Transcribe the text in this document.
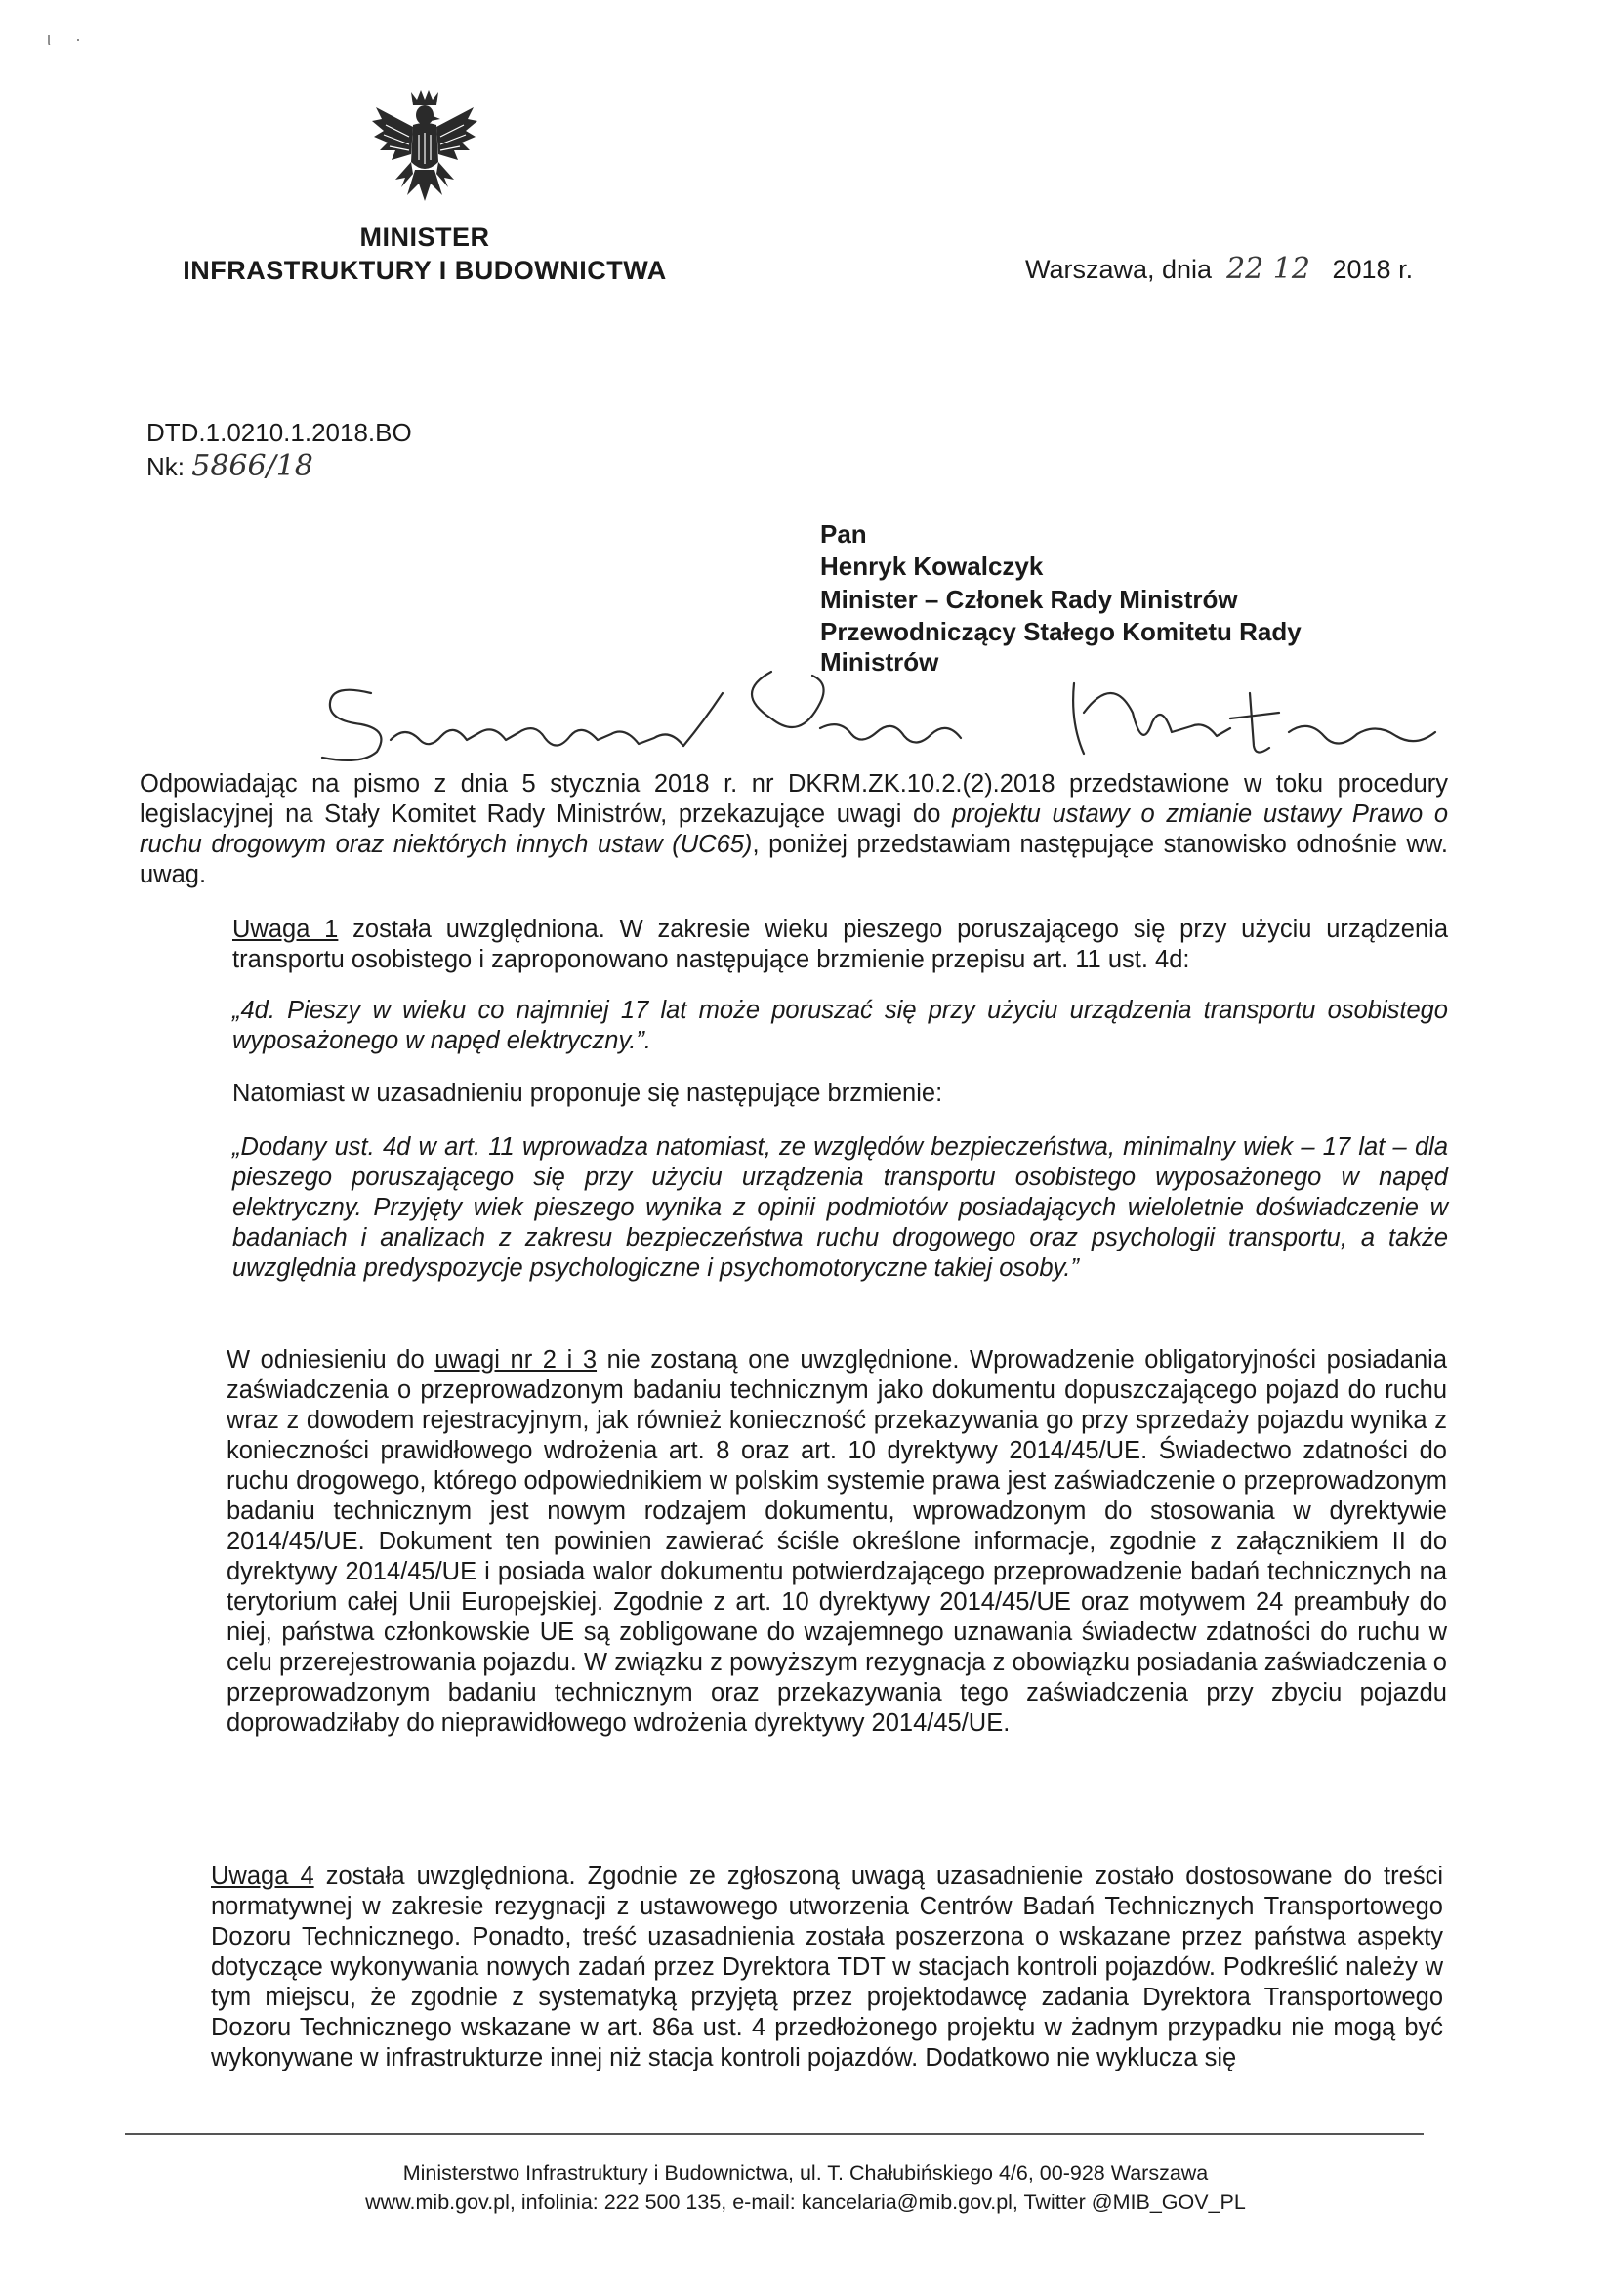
ι     ·
MINISTER
INFRASTRUKTURY I BUDOWNICTWA	Warszawa, dnia 22 12 2018 r.
DTD.1.0210.1.2018.BO
Nk: 5866/18
Pan
Henryk Kowalczyk
Minister – Członek Rady Ministrów
Przewodniczący Stałego Komitetu Rady
Ministrów

Odpowiadając na pismo z dnia 5 stycznia 2018 r. nr DKRM.ZK.10.2.(2).2018 przedstawione w toku procedury legislacyjnej na Stały Komitet Rady Ministrów, przekazujące uwagi do projektu ustawy o zmianie ustawy Prawo o ruchu drogowym oraz niektórych innych ustaw (UC65), poniżej przedstawiam następujące stanowisko odnośnie ww. uwag.

Uwaga 1 została uwzględniona. W zakresie wieku pieszego poruszającego się przy użyciu urządzenia transportu osobistego i zaproponowano następujące brzmienie przepisu art. 11 ust. 4d:

„4d. Pieszy w wieku co najmniej 17 lat może poruszać się przy użyciu urządzenia transportu osobistego wyposażonego w napęd elektryczny.”.

Natomiast w uzasadnieniu proponuje się następujące brzmienie:

„Dodany ust. 4d w art. 11 wprowadza natomiast, ze względów bezpieczeństwa, minimalny wiek – 17 lat – dla pieszego poruszającego się przy użyciu urządzenia transportu osobistego wyposażonego w napęd elektryczny. Przyjęty wiek pieszego wynika z opinii podmiotów posiadających wieloletnie doświadczenie w badaniach i analizach z zakresu bezpieczeństwa ruchu drogowego oraz psychologii transportu, a także uwzględnia predyspozycje psychologiczne i psychomotoryczne takiej osoby.”

W odniesieniu do uwagi nr 2 i 3 nie zostaną one uwzględnione. Wprowadzenie obligatoryjności posiadania zaświadczenia o przeprowadzonym badaniu technicznym jako dokumentu dopuszczającego pojazd do ruchu wraz z dowodem rejestracyjnym, jak również konieczność przekazywania go przy sprzedaży pojazdu wynika z konieczności prawidłowego wdrożenia art. 8 oraz art. 10 dyrektywy 2014/45/UE. Świadectwo zdatności do ruchu drogowego, którego odpowiednikiem w polskim systemie prawa jest zaświadczenie o przeprowadzonym badaniu technicznym jest nowym rodzajem dokumentu, wprowadzonym do stosowania w dyrektywie 2014/45/UE. Dokument ten powinien zawierać ściśle określone informacje, zgodnie z załącznikiem II do dyrektywy 2014/45/UE i posiada walor dokumentu potwierdzającego przeprowadzenie badań technicznych na terytorium całej Unii Europejskiej. Zgodnie z art. 10 dyrektywy 2014/45/UE oraz motywem 24 preambuły do niej, państwa członkowskie UE są zobligowane do wzajemnego uznawania świadectw zdatności do ruchu w celu przerejestrowania pojazdu. W związku z powyższym rezygnacja z obowiązku posiadania zaświadczenia o przeprowadzonym badaniu technicznym oraz przekazywania tego zaświadczenia przy zbyciu pojazdu doprowadziłaby do nieprawidłowego wdrożenia dyrektywy 2014/45/UE.

Uwaga 4 została uwzględniona. Zgodnie ze zgłoszoną uwagą uzasadnienie zostało dostosowane do treści normatywnej w zakresie rezygnacji z ustawowego utworzenia Centrów Badań Technicznych Transportowego Dozoru Technicznego. Ponadto, treść uzasadnienia została poszerzona o wskazane przez państwa aspekty dotyczące wykonywania nowych zadań przez Dyrektora TDT w stacjach kontroli pojazdów. Podkreślić należy w tym miejscu, że zgodnie z systematyką przyjętą przez projektodawcę zadania Dyrektora Transportowego Dozoru Technicznego wskazane w art. 86a ust. 4 przedłożonego projektu w żadnym przypadku nie mogą być wykonywane w infrastrukturze innej niż stacja kontroli pojazdów. Dodatkowo nie wyklucza się

Ministerstwo Infrastruktury i Budownictwa, ul. T. Chałubińskiego 4/6, 00-928 Warszawa
www.mib.gov.pl, infolinia: 222 500 135, e-mail: kancelaria@mib.gov.pl, Twitter @MIB_GOV_PL
